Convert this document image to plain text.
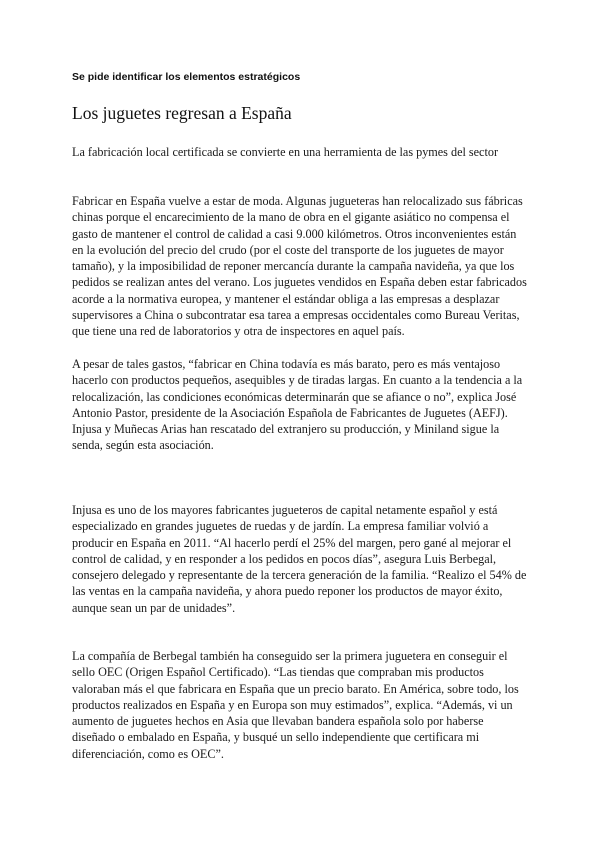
Se pide identificar los elementos estratégicos
Los juguetes regresan a España

La fabricación local certificada se convierte en una herramienta de las pymes del sector

Fabricar en España vuelve a estar de moda. Algunas jugueteras han relocalizado sus fábricas chinas porque el encarecimiento de la mano de obra en el gigante asiático no compensa el gasto de mantener el control de calidad a casi 9.000 kilómetros. Otros inconvenientes están en la evolución del precio del crudo (por el coste del transporte de los juguetes de mayor tamaño), y la imposibilidad de reponer mercancía durante la campaña navideña, ya que los pedidos se realizan antes del verano. Los juguetes vendidos en España deben estar fabricados acorde a la normativa europea, y mantener el estándar obliga a las empresas a desplazar supervisores a China o subcontratar esa tarea a empresas occidentales como Bureau Veritas, que tiene una red de laboratorios y otra de inspectores en aquel país.

A pesar de tales gastos, “fabricar en China todavía es más barato, pero es más ventajoso hacerlo con productos pequeños, asequibles y de tiradas largas. En cuanto a la tendencia a la relocalización, las condiciones económicas determinarán que se afiance o no”, explica José Antonio Pastor, presidente de la Asociación Española de Fabricantes de Juguetes (AEFJ). Injusa y Muñecas Arias han rescatado del extranjero su producción, y Miniland sigue la senda, según esta asociación.

Injusa es uno de los mayores fabricantes jugueteros de capital netamente español y está especializado en grandes juguetes de ruedas y de jardín. La empresa familiar volvió a producir en España en 2011. “Al hacerlo perdí el 25% del margen, pero gané al mejorar el control de calidad, y en responder a los pedidos en pocos días”, asegura Luis Berbegal, consejero delegado y representante de la tercera generación de la familia. “Realizo el 54% de las ventas en la campaña navideña, y ahora puedo reponer los productos de mayor éxito, aunque sean un par de unidades”.

La compañía de Berbegal también ha conseguido ser la primera juguetera en conseguir el sello OEC (Origen Español Certificado). “Las tiendas que compraban mis productos valoraban más el que fabricara en España que un precio barato. En América, sobre todo, los productos realizados en España y en Europa son muy estimados”, explica. “Además, vi un aumento de juguetes hechos en Asia que llevaban bandera española solo por haberse diseñado o embalado en España, y busqué un sello independiente que certificara mi diferenciación, como es OEC”.
